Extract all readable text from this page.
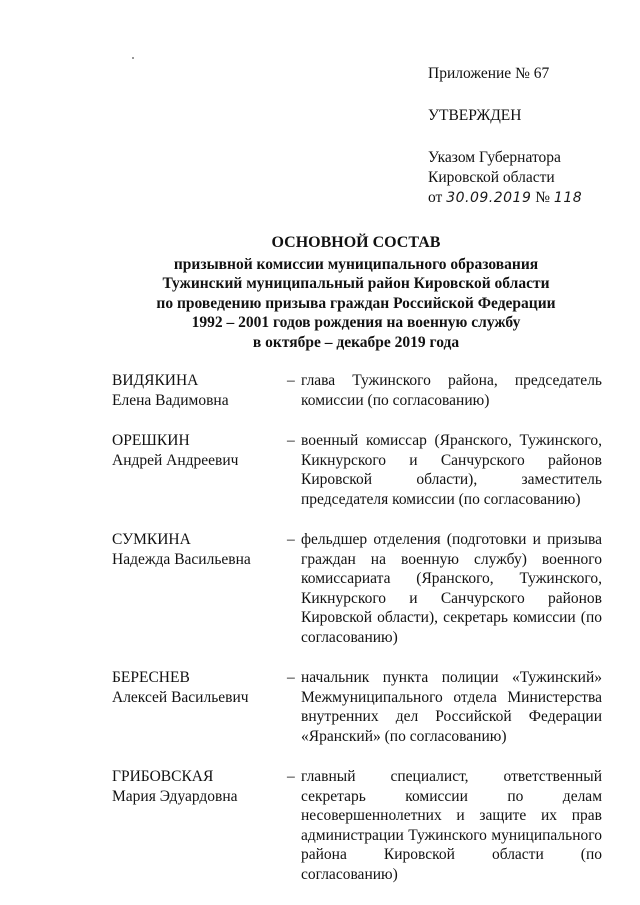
Приложение № 67
УТВЕРЖДЕН
Указом Губернатора
Кировской области
от 30.09.2019 № 118
ОСНОВНОЙ СОСТАВ
призывной комиссии муниципального образования
Тужинский муниципальный район Кировской области
по проведению призыва граждан Российской Федерации
1992 – 2001 годов рождения на военную службу
в октябре – декабре 2019 года
ВИДЯКИНА
Елена Вадимовна
– глава Тужинского района, председатель комиссии (по согласованию)
ОРЕШКИН
Андрей Андреевич
– военный комиссар (Яранского, Тужинского, Кикнурского и Санчурского районов Кировской области), заместитель председателя комиссии (по согласованию)
СУМКИНА
Надежда Васильевна
– фельдшер отделения (подготовки и призыва граждан на военную службу) военного комиссариата (Яранского, Тужинского, Кикнурского и Санчурского районов Кировской области), секретарь комиссии (по согласованию)
БЕРЕСНЕВ
Алексей Васильевич
– начальник пункта полиции «Тужинский» Межмуниципального отдела Министерства внутренних дел Российской Федерации «Яранский» (по согласованию)
ГРИБОВСКАЯ
Мария Эдуардовна
– главный специалист, ответственный секретарь комиссии по делам несовершеннолетних и защите их прав администрации Тужинского муниципального района Кировской области (по согласованию)
